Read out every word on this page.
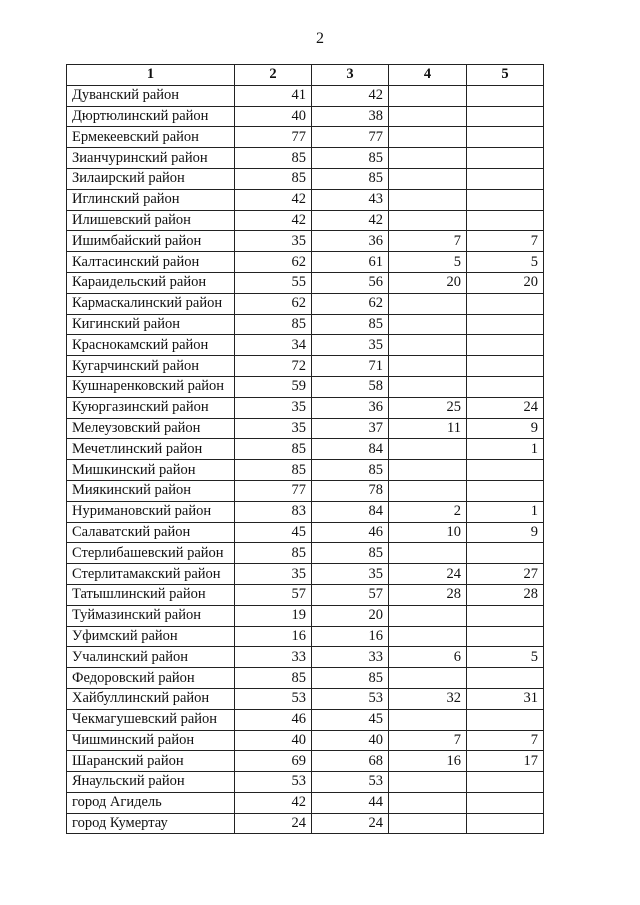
2
1	2	3	4	5
Дуванский район	41	42		
Дюртюлинский район	40	38		
Ермекеевский район	77	77		
Зианчуринский район	85	85		
Зилаирский район	85	85		
Иглинский район	42	43		
Илишевский район	42	42		
Ишимбайский район	35	36	7	7
Калтасинский район	62	61	5	5
Караидельский район	55	56	20	20
Кармаскалинский район	62	62		
Кигинский район	85	85		
Краснокамский район	34	35		
Кугарчинский район	72	71		
Кушнаренковский район	59	58		
Куюргазинский район	35	36	25	24
Мелеузовский район	35	37	11	9
Мечетлинский район	85	84		1
Мишкинский район	85	85		
Миякинский район	77	78		
Нуримановский район	83	84	2	1
Салаватский район	45	46	10	9
Стерлибашевский район	85	85		
Стерлитамакский район	35	35	24	27
Татышлинский район	57	57	28	28
Туймазинский район	19	20		
Уфимский район	16	16		
Учалинский район	33	33	6	5
Федоровский район	85	85		
Хайбуллинский район	53	53	32	31
Чекмагушевский район	46	45		
Чишминский район	40	40	7	7
Шаранский район	69	68	16	17
Янаульский район	53	53		
город Агидель	42	44		
город Кумертау	24	24		
